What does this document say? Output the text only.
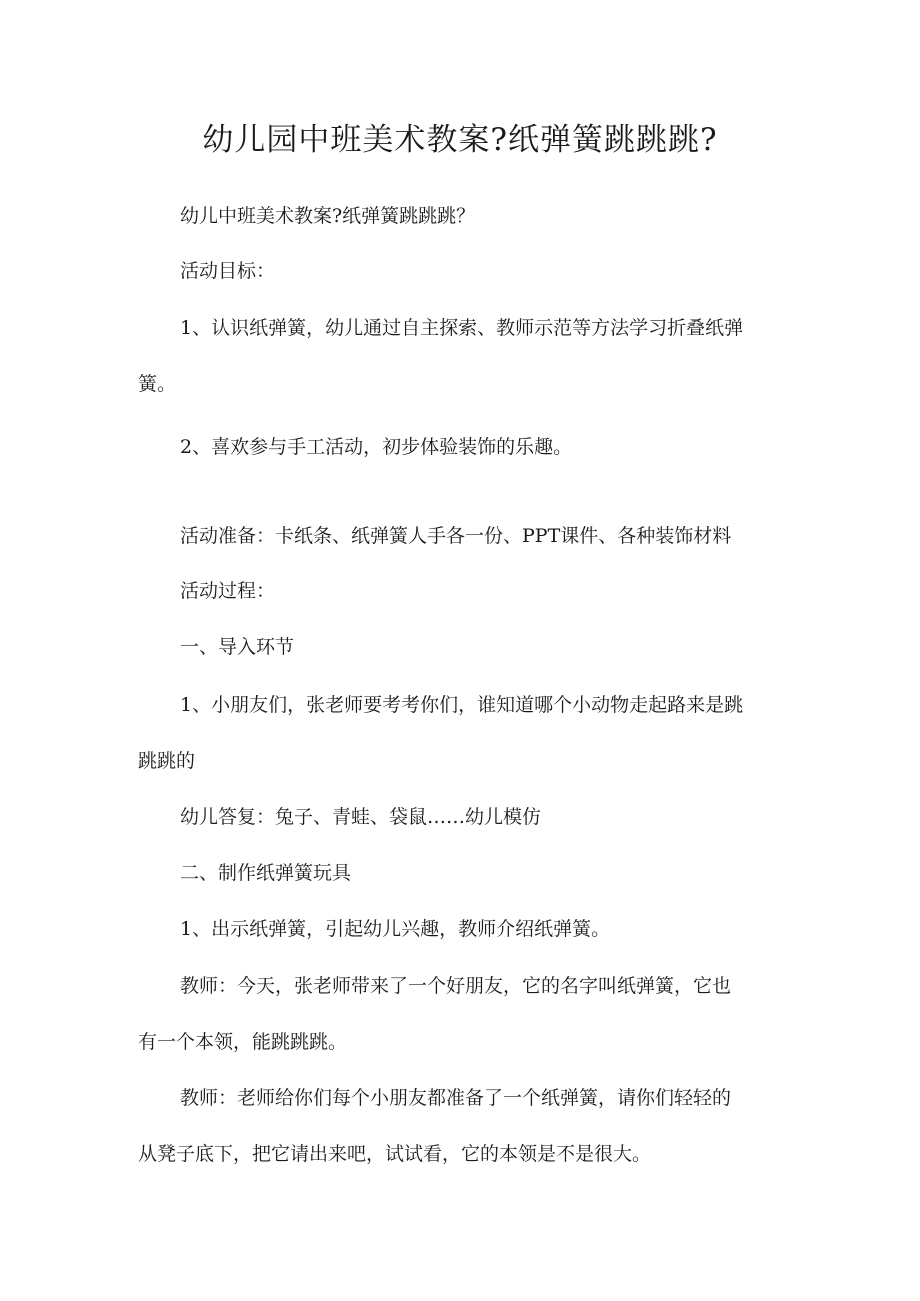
幼儿园中班美术教案?纸弹簧跳跳跳?

幼儿中班美术教案?纸弹簧跳跳跳？

活动目标：

1、认识纸弹簧，幼儿通过自主探索、教师示范等方法学习折叠纸弹
簧。

2、喜欢参与手工活动，初步体验装饰的乐趣。

活动准备：卡纸条、纸弹簧人手各一份、PPT课件、各种装饰材料

活动过程：

一、导入环节

1、小朋友们，张老师要考考你们，谁知道哪个小动物走起路来是跳
跳跳的

幼儿答复：兔子、青蛙、袋鼠……幼儿模仿

二、制作纸弹簧玩具

1、出示纸弹簧，引起幼儿兴趣，教师介绍纸弹簧。

教师：今天，张老师带来了一个好朋友，它的名字叫纸弹簧，它也
有一个本领，能跳跳跳。

教师：老师给你们每个小朋友都准备了一个纸弹簧，请你们轻轻的
从凳子底下，把它请出来吧，试试看，它的本领是不是很大。
